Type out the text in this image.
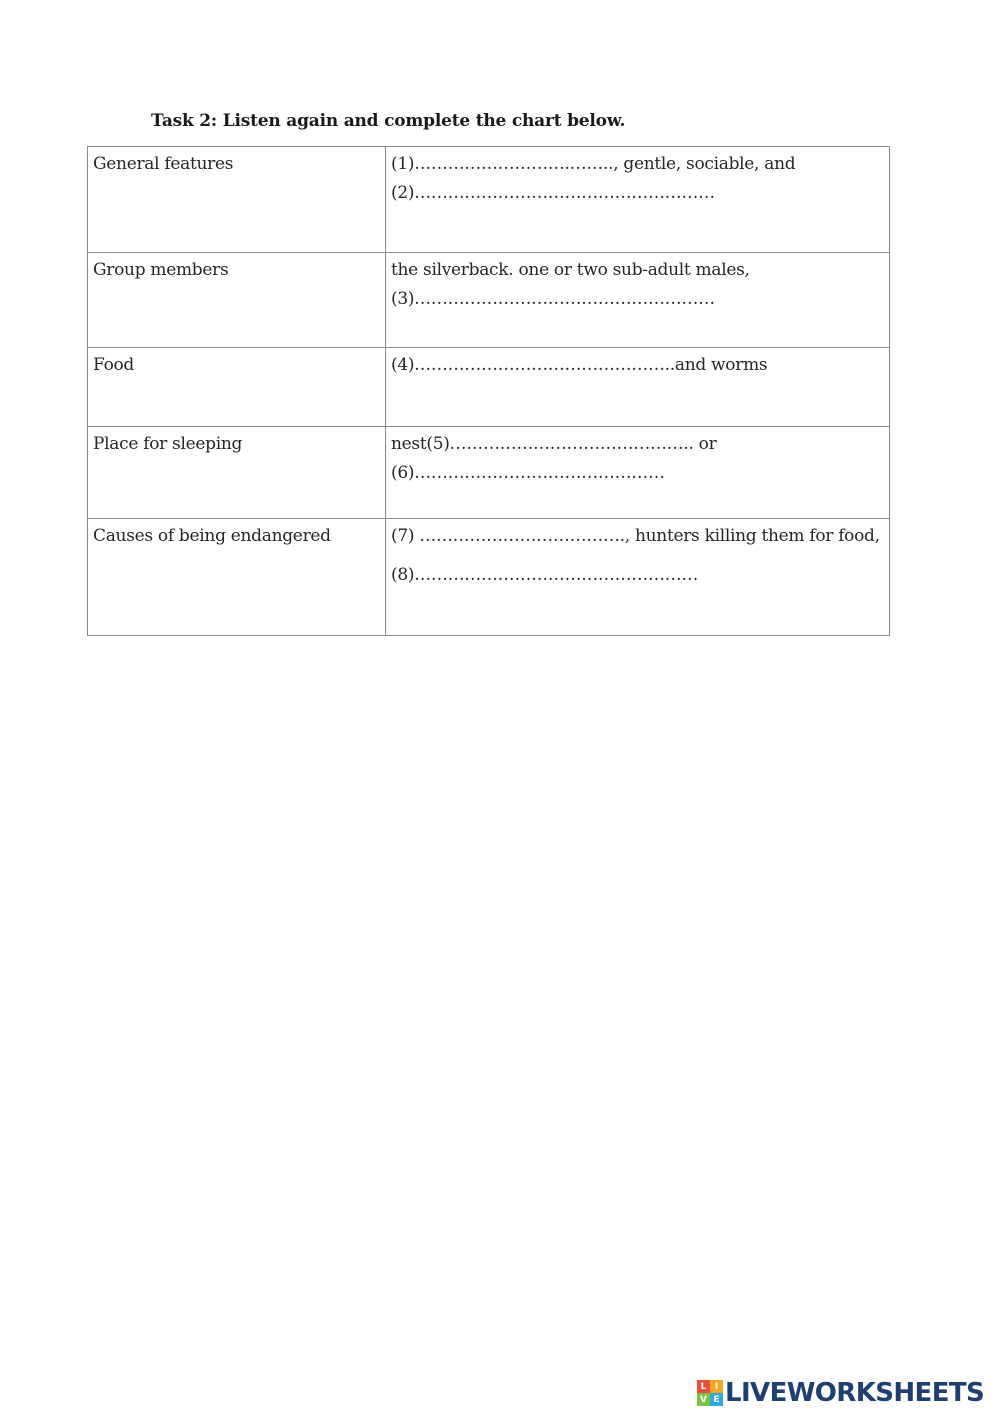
Task 2: Listen again and complete the chart below.
General features	(1)……………………….…….., gentle, sociable, and
(2)………………………………………………

Group members	the silverback. one or two sub-adult males,
(3)………………………………………………

Food	(4)………………………………………..and worms

Place for sleeping	nest(5)…………………………………….. or
(6)………………………………………

Causes of being endangered	(7) ………………………………., hunters killing them for food,
(8)……………………………………………
L I
V E LIVEWORKSHEETS
